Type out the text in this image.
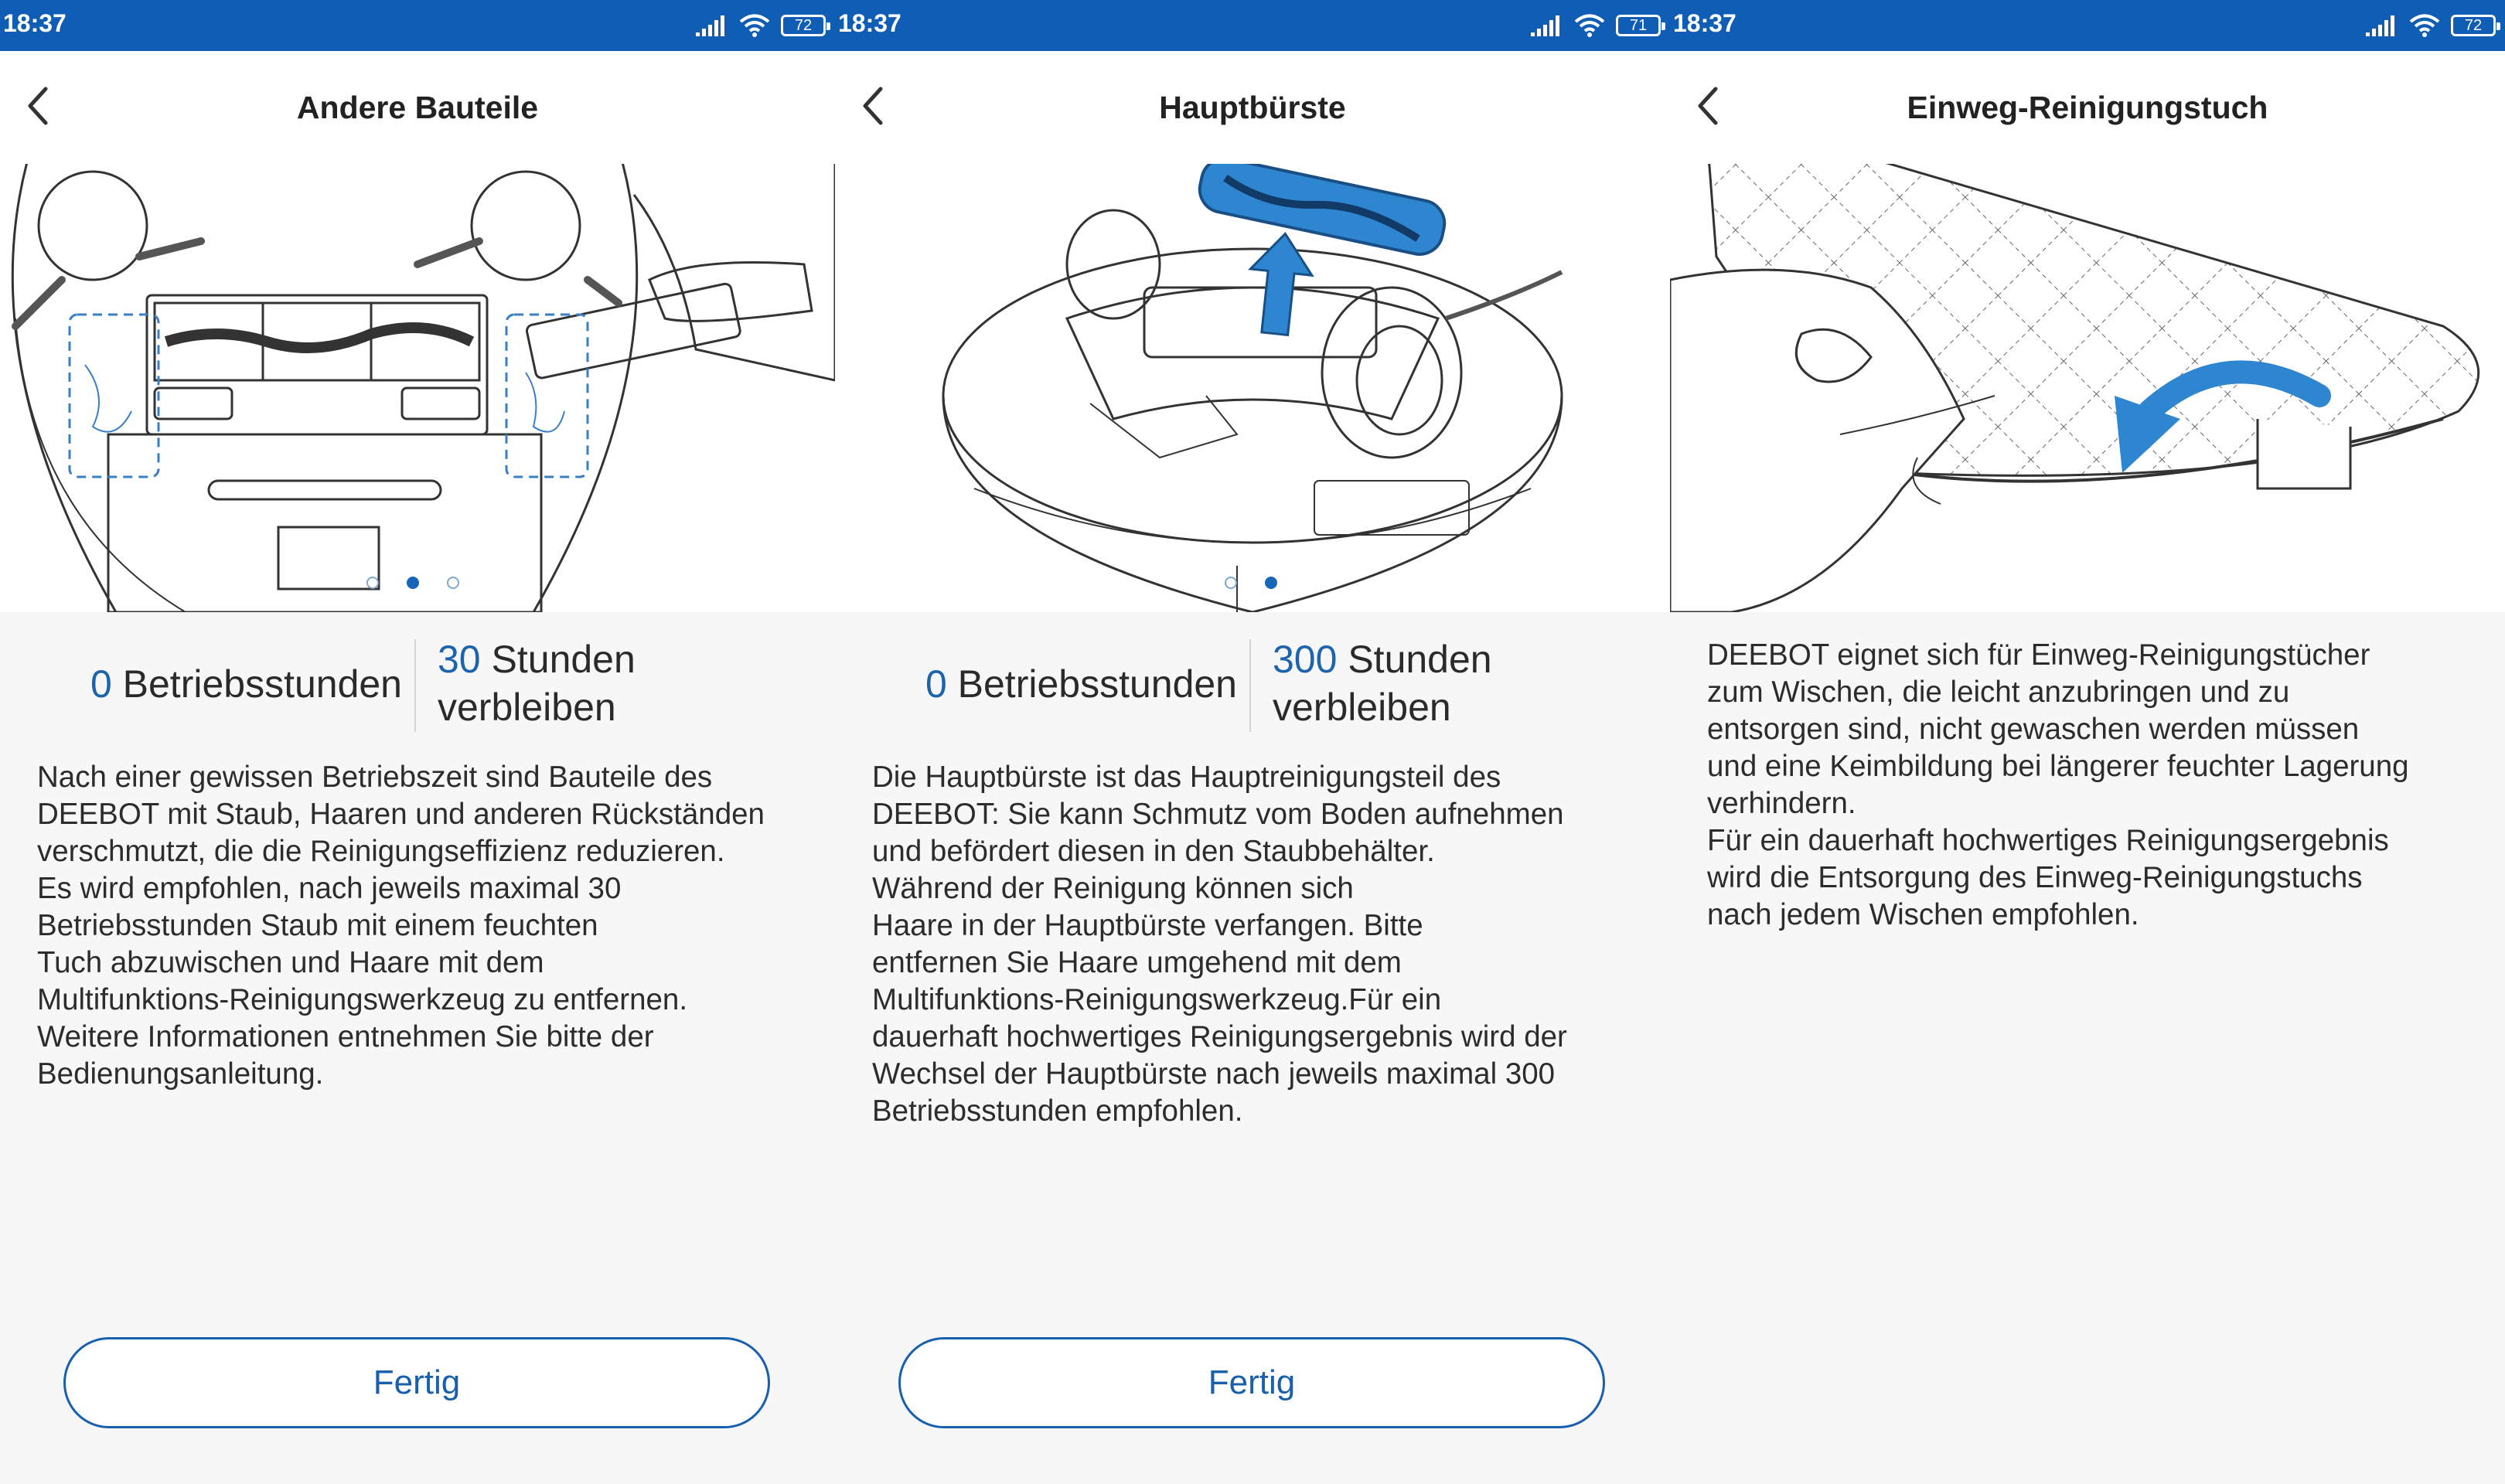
18:37	72
Andere Bauteile
0 Betriebsstunden
30 Stunden verbleiben
Nach einer gewissen Betriebszeit sind Bauteile des
DEEBOT mit Staub, Haaren und anderen Rückständen
verschmutzt, die die Reinigungseffizienz reduzieren.
Es wird empfohlen, nach jeweils maximal 30
Betriebsstunden Staub mit einem feuchten
Tuch abzuwischen und Haare mit dem
Multifunktions-Reinigungswerkzeug zu entfernen.
Weitere Informationen entnehmen Sie bitte der
Bedienungsanleitung.
Fertig
18:37	71
Hauptbürste
0 Betriebsstunden
300 Stunden verbleiben
Die Hauptbürste ist das Hauptreinigungsteil des
DEEBOT: Sie kann Schmutz vom Boden aufnehmen
und befördert diesen in den Staubbehälter.
Während der Reinigung können sich
Haare in der Hauptbürste verfangen. Bitte
entfernen Sie Haare umgehend mit dem
Multifunktions-Reinigungswerkzeug.Für ein
dauerhaft hochwertiges Reinigungsergebnis wird der
Wechsel der Hauptbürste nach jeweils maximal 300
Betriebsstunden empfohlen.
Fertig
18:37	72
Einweg-Reinigungstuch
DEEBOT eignet sich für Einweg-Reinigungstücher
zum Wischen, die leicht anzubringen und zu
entsorgen sind, nicht gewaschen werden müssen
und eine Keimbildung bei längerer feuchter Lagerung
verhindern.
Für ein dauerhaft hochwertiges Reinigungsergebnis
wird die Entsorgung des Einweg-Reinigungstuchs
nach jedem Wischen empfohlen.
